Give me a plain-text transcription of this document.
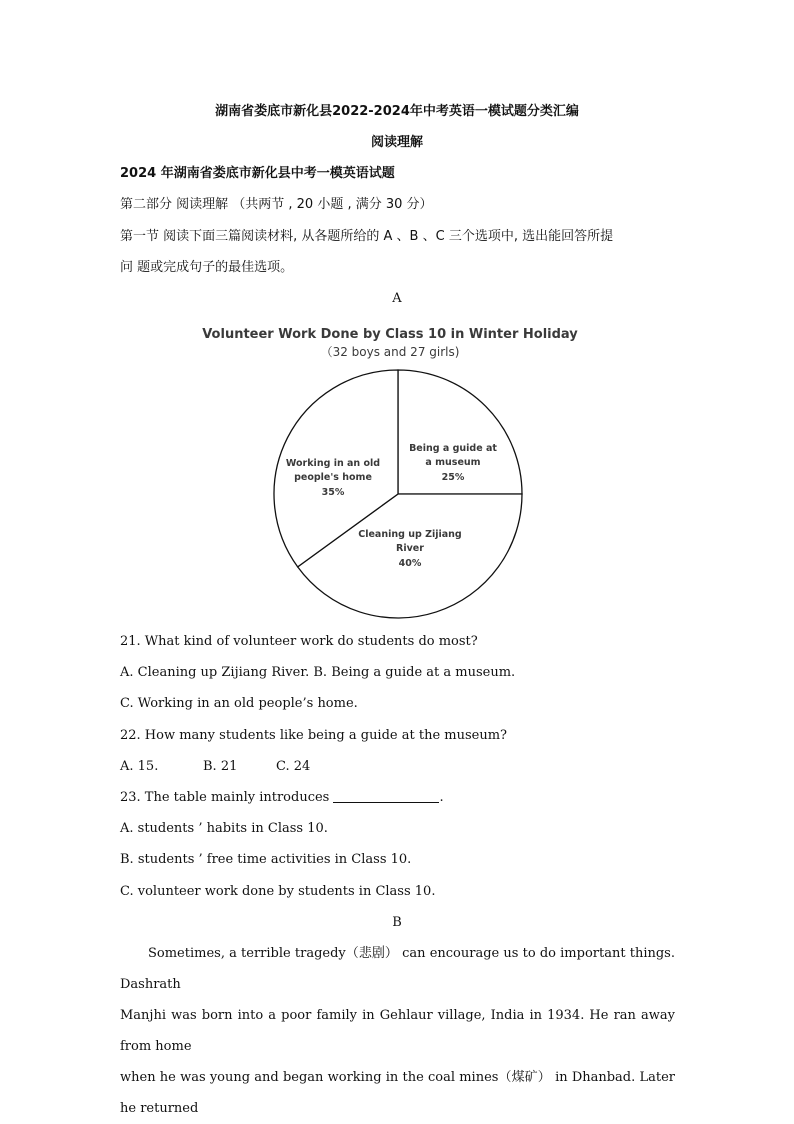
湖南省娄底市新化县2022-2024年中考英语一模试题分类汇编
阅读理解
2024 年湖南省娄底市新化县中考一模英语试题
第二部分 阅读理解 （共两节 , 20 小题 , 满分 30 分）
第一节 阅读下面三篇阅读材料, 从各题所给的 A 、B 、C 三个选项中, 选出能回答所提
问 题或完成句子的最佳选项。
A
Volunteer Work Done by Class 10 in Winter Holiday
（32 boys and 27 girls)
Being a guide at
a museum
25%
Cleaning up Zijiang
River
40%
Working in an old
people's home
35%
21. What kind of volunteer work do students do most?
A. Cleaning up Zijiang River. B. Being a guide at a museum.
C. Working in an old people’s home.
22. How many students like being a guide at the museum?
A. 15.	B. 21	C. 24
23. The table mainly introduces	.
A. students ’ habits in Class 10.
B. students ’ free time activities in Class 10.
C. volunteer work done by students in Class 10.
B
Sometimes, a terrible tragedy（悲剧） can encourage us to do important things. Dashrath
Manjhi was born into a poor family in Gehlaur village, India in 1934. He ran away from home
when he was young and began working in the coal mines（煤矿） in Dhanbad. Later he returned
